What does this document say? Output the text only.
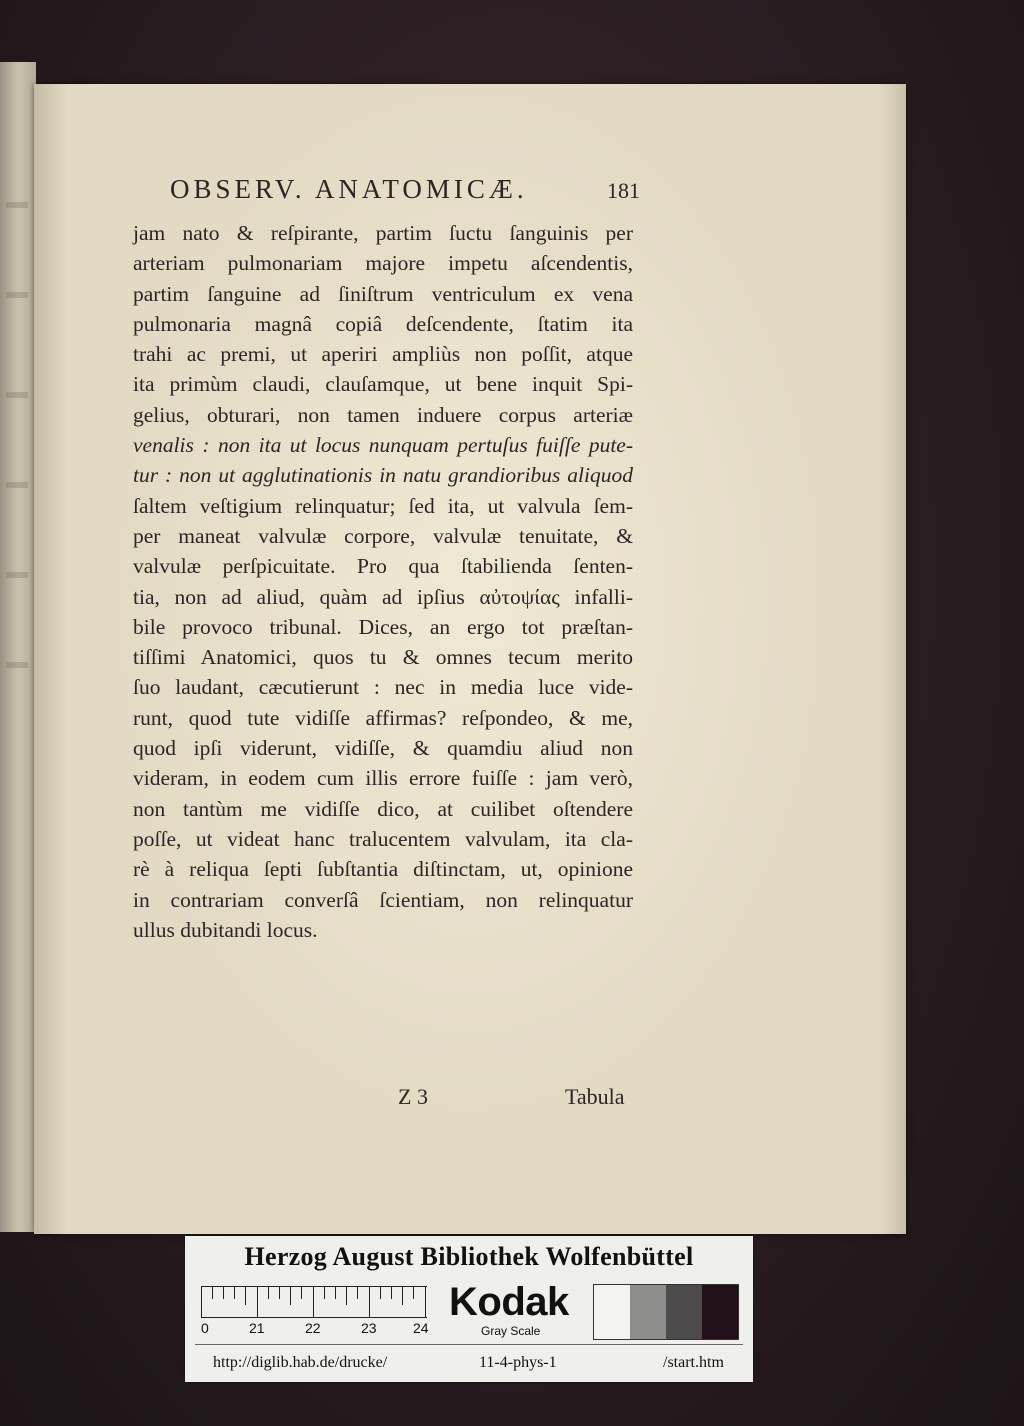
OBSERV. ANATOMICÆ.	181
jam nato & reſpirante, partim ſuctu ſanguinis per
arteriam pulmonariam majore impetu aſcendentis,
partim ſanguine ad ſiniſtrum ventriculum ex vena
pulmonaria magnâ copiâ deſcendente, ſtatim ita
trahi ac premi, ut aperiri ampliùs non poſſit, atque
ita primùm claudi, clauſamque, ut bene inquit Spi-
gelius, obturari, non tamen induere corpus arteriæ
venalis : non ita ut locus nunquam pertuſus fuiſſe pute-
tur : non ut agglutinationis in natu grandioribus aliquod
ſaltem veſtigium relinquatur; ſed ita, ut valvula ſem-
per maneat valvulæ corpore, valvulæ tenuitate, &
valvulæ perſpicuitate. Pro qua ſtabilienda ſenten-
tia, non ad aliud, quàm ad ipſius αὐτοψίας infalli-
bile provoco tribunal. Dices, an ergo tot præſtan-
tiſſimi Anatomici, quos tu & omnes tecum merito
ſuo laudant, cæcutierunt : nec in media luce vide-
runt, quod tute vidiſſe affirmas? reſpondeo, & me,
quod ipſi viderunt, vidiſſe, & quamdiu aliud non
videram, in eodem cum illis errore fuiſſe : jam verò,
non tantùm me vidiſſe dico, at cuilibet oſtendere
poſſe, ut videat hanc tralucentem valvulam, ita cla-
rè à reliqua ſepti ſubſtantia diſtinctam, ut, opinione
in contrariam converſâ ſcientiam, non relinquatur
ullus dubitandi locus.
Z 3	Tabula
Herzog August Bibliothek Wolfenbüttel
0	21	22	23	24
Kodak
Gray Scale
http://diglib.hab.de/drucke/	11-4-phys-1	/start.htm
